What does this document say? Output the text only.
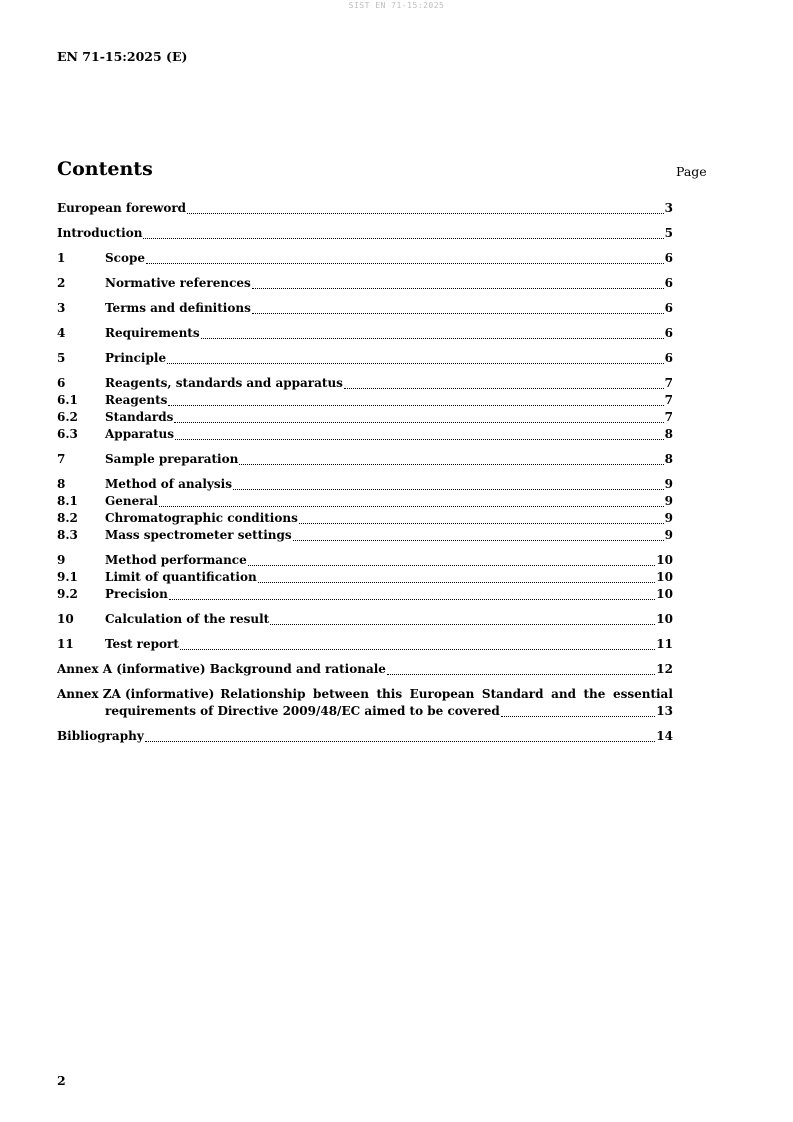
SIST EN 71-15:2025
EN 71-15:2025 (E)
Contents	Page
European foreword	3
Introduction	5
1	Scope	6
2	Normative references	6
3	Terms and definitions	6
4	Requirements	6
5	Principle	6
6	Reagents, standards and apparatus	7
6.1	Reagents	7
6.2	Standards	7
6.3	Apparatus	8
7	Sample preparation	8
8	Method of analysis	9
8.1	General	9
8.2	Chromatographic conditions	9
8.3	Mass spectrometer settings	9
9	Method performance	10
9.1	Limit of quantification	10
9.2	Precision	10
10	Calculation of the result	10
11	Test report	11
Annex A (informative) Background and rationale	12
Annex ZA (informative) Relationship between this European Standard and the essential
requirements of Directive 2009/48/EC aimed to be covered	13
Bibliography	14
2
